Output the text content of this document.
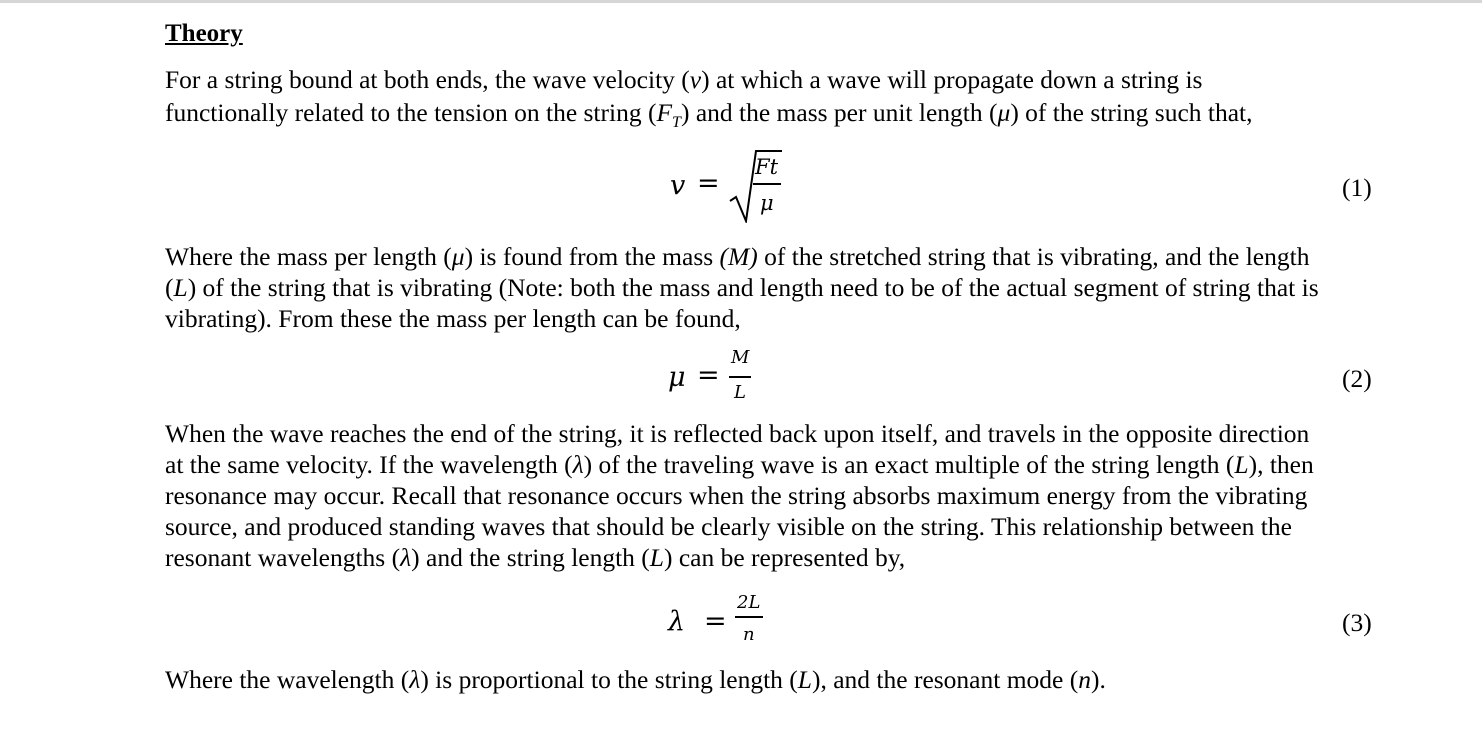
Theory
For a string bound at both ends, the wave velocity (v) at which a wave will propagate down a string is
functionally related to the tension on the string $(F_T)$ and the mass per unit length (μ) of the string such that,
v =
Ft
μ
(1)
Where the mass per length (μ) is found from the mass (M) of the stretched string that is vibrating, and the length
(L) of the string that is vibrating (Note: both the mass and length need to be of the actual segment of string that is
vibrating). From these the mass per length can be found,
μ =
M
L	(2)
When the wave reaches the end of the string, it is reflected back upon itself, and travels in the opposite direction
at the same velocity. If the wavelength (λ) of the traveling wave is an exact multiple of the string length (L), then
resonance may occur. Recall that resonance occurs when the string absorbs maximum energy from the vibrating
source, and produced standing waves that should be clearly visible on the string. This relationship between the
resonant wavelengths (λ) and the string length (L) can be represented by,
λ =
2L
n	(3)
Where the wavelength (λ) is proportional to the string length (L), and the resonant mode (n).
